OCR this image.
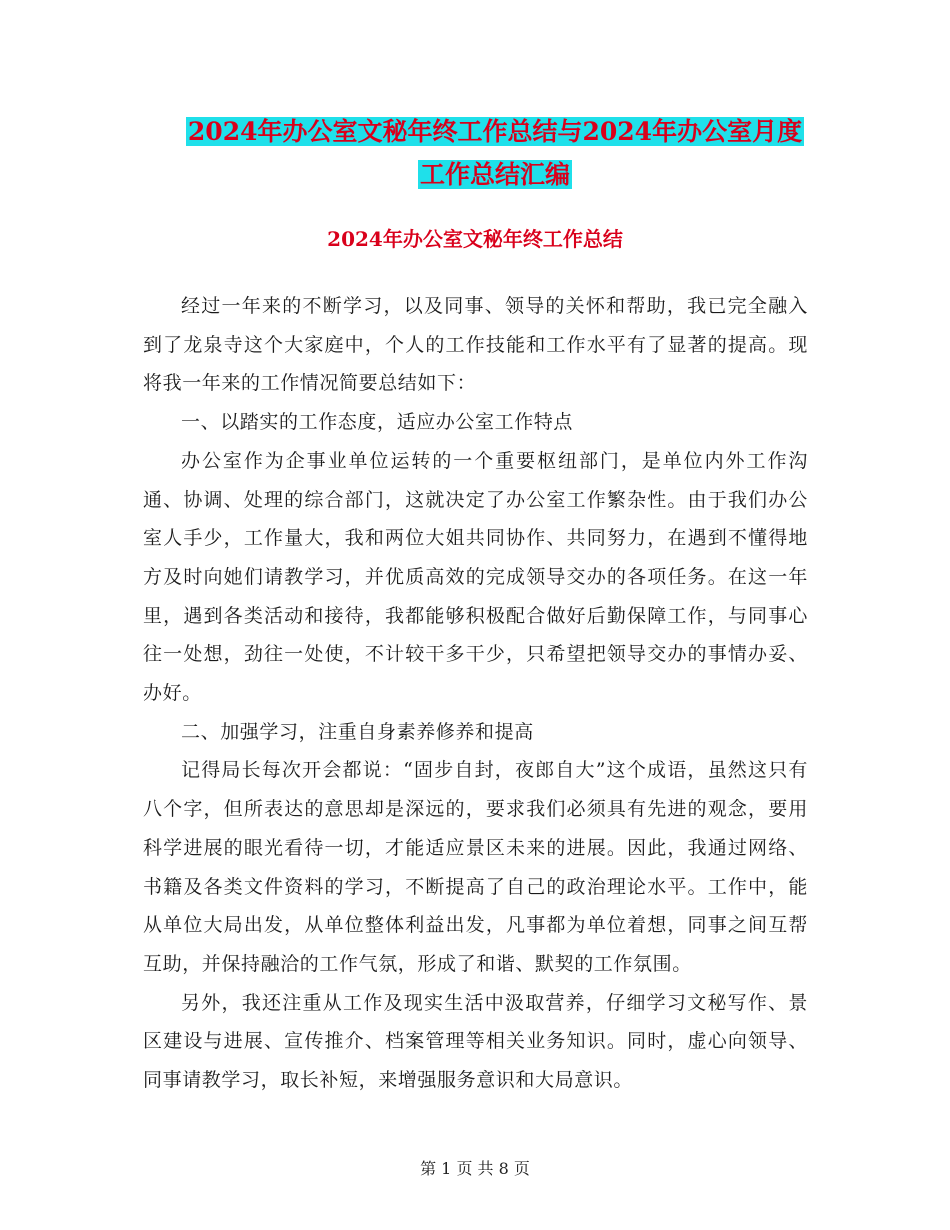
2024年办公室文秘年终工作总结与2024年办公室月度
工作总结汇编
2024年办公室文秘年终工作总结

经过一年来的不断学习，以及同事、领导的关怀和帮助，我已完全融入到了龙泉寺这个大家庭中，个人的工作技能和工作水平有了显著的提高。现将我一年来的工作情况简要总结如下：

一、以踏实的工作态度，适应办公室工作特点

办公室作为企事业单位运转的一个重要枢纽部门，是单位内外工作沟通、协调、处理的综合部门，这就决定了办公室工作繁杂性。由于我们办公室人手少，工作量大，我和两位大姐共同协作、共同努力，在遇到不懂得地方及时向她们请教学习，并优质高效的完成领导交办的各项任务。在这一年里，遇到各类活动和接待，我都能够积极配合做好后勤保障工作，与同事心往一处想，劲往一处使，不计较干多干少，只希望把领导交办的事情办妥、办好。

二、加强学习，注重自身素养修养和提高

记得局长每次开会都说：“固步自封，夜郎自大”这个成语，虽然这只有八个字，但所表达的意思却是深远的，要求我们必须具有先进的观念，要用科学进展的眼光看待一切，才能适应景区未来的进展。因此，我通过网络、书籍及各类文件资料的学习，不断提高了自己的政治理论水平。工作中，能从单位大局出发，从单位整体利益出发，凡事都为单位着想，同事之间互帮互助，并保持融洽的工作气氛，形成了和谐、默契的工作氛围。

另外，我还注重从工作及现实生活中汲取营养，仔细学习文秘写作、景区建设与进展、宣传推介、档案管理等相关业务知识。同时，虚心向领导、同事请教学习，取长补短，来增强服务意识和大局意识。

第 1 页 共 8 页
